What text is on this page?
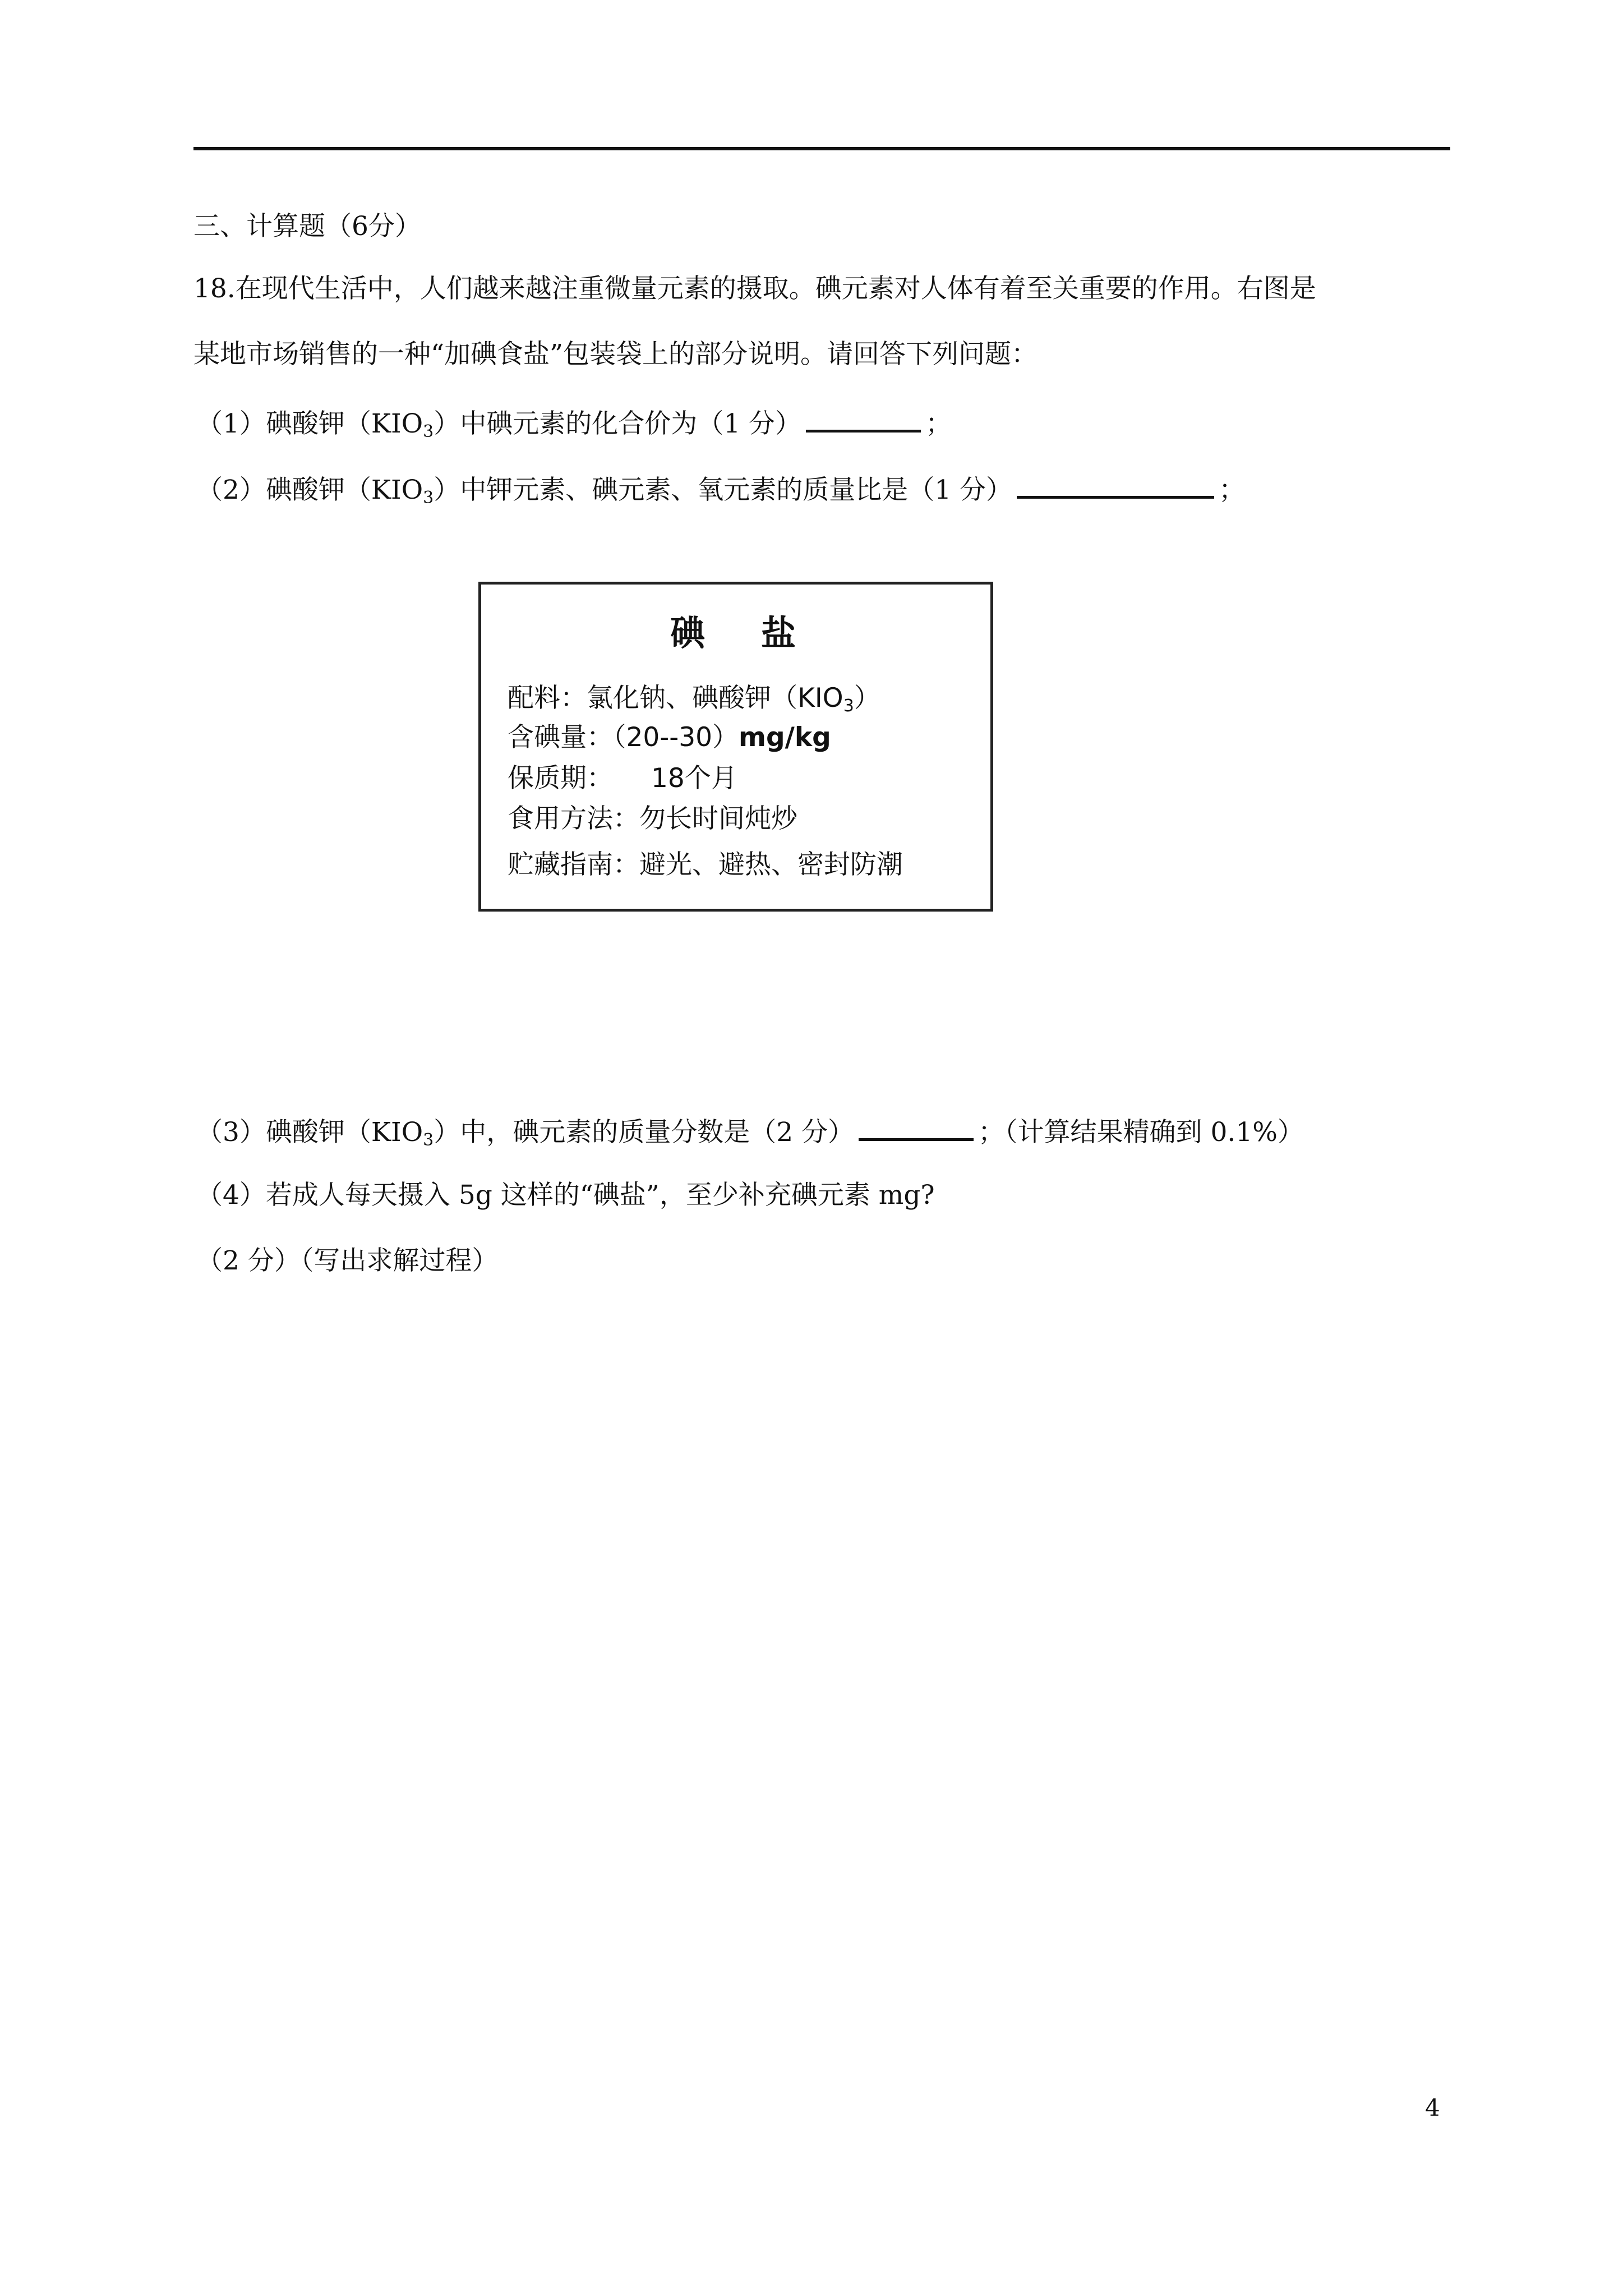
三、计算题（6分）
18.在现代生活中，人们越来越注重微量元素的摄取。碘元素对人体有着至关重要的作用。右图是
某地市场销售的一种“加碘食盐”包装袋上的部分说明。请回答下列问题：
（1）碘酸钾$(KIO_3)$中碘元素的化合价为（1 分）	；
（2）碘酸钾$(KIO_3)$中钾元素、碘元素、氧元素的质量比是（1 分）	；
碘盐
配料：氯化钠、碘酸钾$(KIO_3)$
含碘量：（20--30）mg/kg
保质期： 18个月
食用方法：勿长时间炖炒
贮藏指南：避光、避热、密封防潮
（3）碘酸钾$(KIO_3)$中，碘元素的质量分数是（2 分）	；（计算结果精确到 0.1%）
（4）若成人每天摄入 5g 这样的“碘盐”，至少补充碘元素 mg?
（2 分）（写出求解过程）
4
